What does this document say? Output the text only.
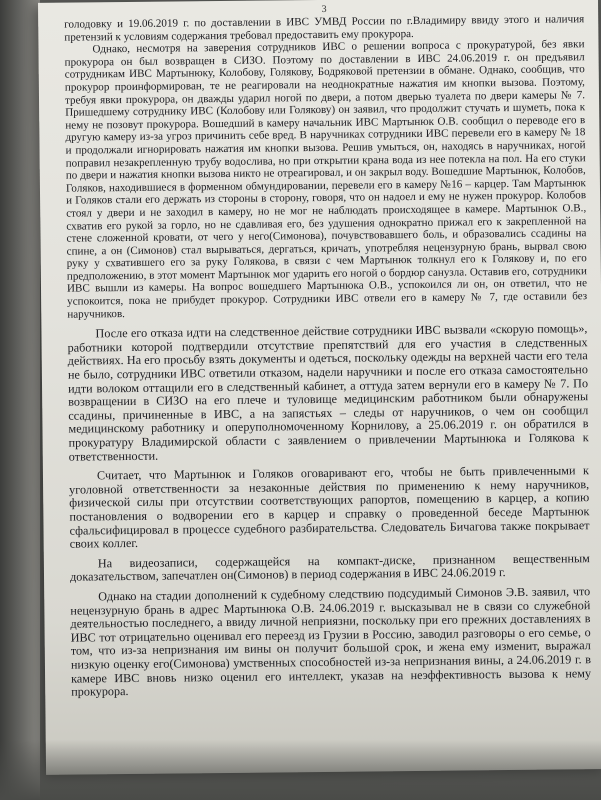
3

голодовку и 19.06.2019 г. по доставлении в ИВС УМВД России по г.Владимиру ввиду этого и наличия претензий к условиям содержания требовал предоставить ему прокурора.

Однако, несмотря на заверения сотрудников ИВС о решении вопроса с прокуратурой, без явки прокурора он был возвращен в СИЗО. Поэтому по доставлении в ИВС 24.06.2019 г. он предъявил сотрудникам ИВС Мартынюку, Колобову, Голякову, Бодряковой претензии в обмане. Однако, сообщив, что прокурор проинформирован, те не реагировали на неоднократные нажатия им кнопки вызова. Поэтому, требуя явки прокурора, он дважды ударил ногой по двери, а потом дверью туалета по двери камеры № 7. Пришедшему сотруднику ИВС (Колобову или Голякову) он заявил, что продолжит стучать и шуметь, пока к нему не позовут прокурора. Вошедший в камеру начальник ИВС Мартынюк О.В. сообщил о переводе его в другую камеру из-за угроз причинить себе вред. В наручниках сотрудники ИВС перевели его в камеру № 18 и продолжали игнорировать нажатия им кнопки вызова. Решив умыться, он, находясь в наручниках, ногой поправил незакрепленную трубу водослива, но при открытии крана вода из нее потекла на пол. На его стуки по двери и нажатия кнопки вызова никто не отреагировал, и он закрыл воду. Вошедшие Мартынюк, Колобов, Голяков, находившиеся в форменном обмундировании, перевели его в камеру №16 – карцер. Там Мартынюк и Голяков стали его держать из стороны в сторону, говоря, что он надоел и ему не нужен прокурор. Колобов стоял у двери и не заходил в камеру, но не мог не наблюдать происходящее в камере. Мартынюк О.В., схватив его рукой за горло, но не сдавливая его, без удушения однократно прижал его к закрепленной на стене сложенной кровати, от чего у него(Симонова), почувствовавшего боль, и образовались ссадины на спине, а он (Симонов) стал вырываться, дергаться, кричать, употребляя нецензурную брань, вырвал свою руку у схватившего его за руку Голякова, в связи с чем Мартынюк толкнул его к Голякову и, по его предположению, в этот момент Мартынюк мог ударить его ногой о бордюр санузла. Оставив его, сотрудники ИВС вышли из камеры. На вопрос вошедшего Мартынюка О.В., успокоился ли он, он ответил, что не успокоится, пока не прибудет прокурор. Сотрудники ИВС отвели его в камеру № 7, где оставили без наручников.

После его отказа идти на следственное действие сотрудники ИВС вызвали «скорую помощь», работники которой подтвердили отсутствие препятствий для его участия в следственных действиях. На его просьбу взять документы и одеться, поскольку одежды на верхней части его тела не было, сотрудники ИВС ответили отказом, надели наручники и после его отказа самостоятельно идти волоком оттащили его в следственный кабинет, а оттуда затем вернули его в камеру № 7. По возвращении в СИЗО на его плече и туловище медицинским работником были обнаружены ссадины, причиненные в ИВС, а на запястьях – следы от наручников, о чем он сообщил медицинскому работнику и оперуполномоченному Корнилову, а 25.06.2019 г. он обратился в прокуратуру Владимирской области с заявлением о привлечении Мартынюка и Голякова к ответственности.

Считает, что Мартынюк и Голяков оговаривают его, чтобы не быть привлеченными к уголовной ответственности за незаконные действия по применению к нему наручников, физической силы при отсутствии соответствующих рапортов, помещению в карцер, а копию постановления о водворении его в карцер и справку о проведенной беседе Мартынюк сфальсифицировал в процессе судебного разбирательства. Следователь Бичагова также покрывает своих коллег.

На видеозаписи, содержащейся на компакт-диске, признанном вещественным доказательством, запечатлен он(Симонов) в период содержания в ИВС 24.06.2019 г.

Однако на стадии дополнений к судебному следствию подсудимый Симонов Э.В. заявил, что нецензурную брань в адрес Мартынюка О.В. 24.06.2019 г. высказывал не в связи со служебной деятельностью последнего, а ввиду личной неприязни, поскольку при его прежних доставлениях в ИВС тот отрицательно оценивал его переезд из Грузии в Россию, заводил разговоры о его семье, о том, что из-за непризнания им вины он получит большой срок, и жена ему изменит, выражал низкую оценку его(Симонова) умственных способностей из-за непризнания вины, а 24.06.2019 г. в камере ИВС вновь низко оценил его интеллект, указав на неэффективность вызова к нему прокурора.
